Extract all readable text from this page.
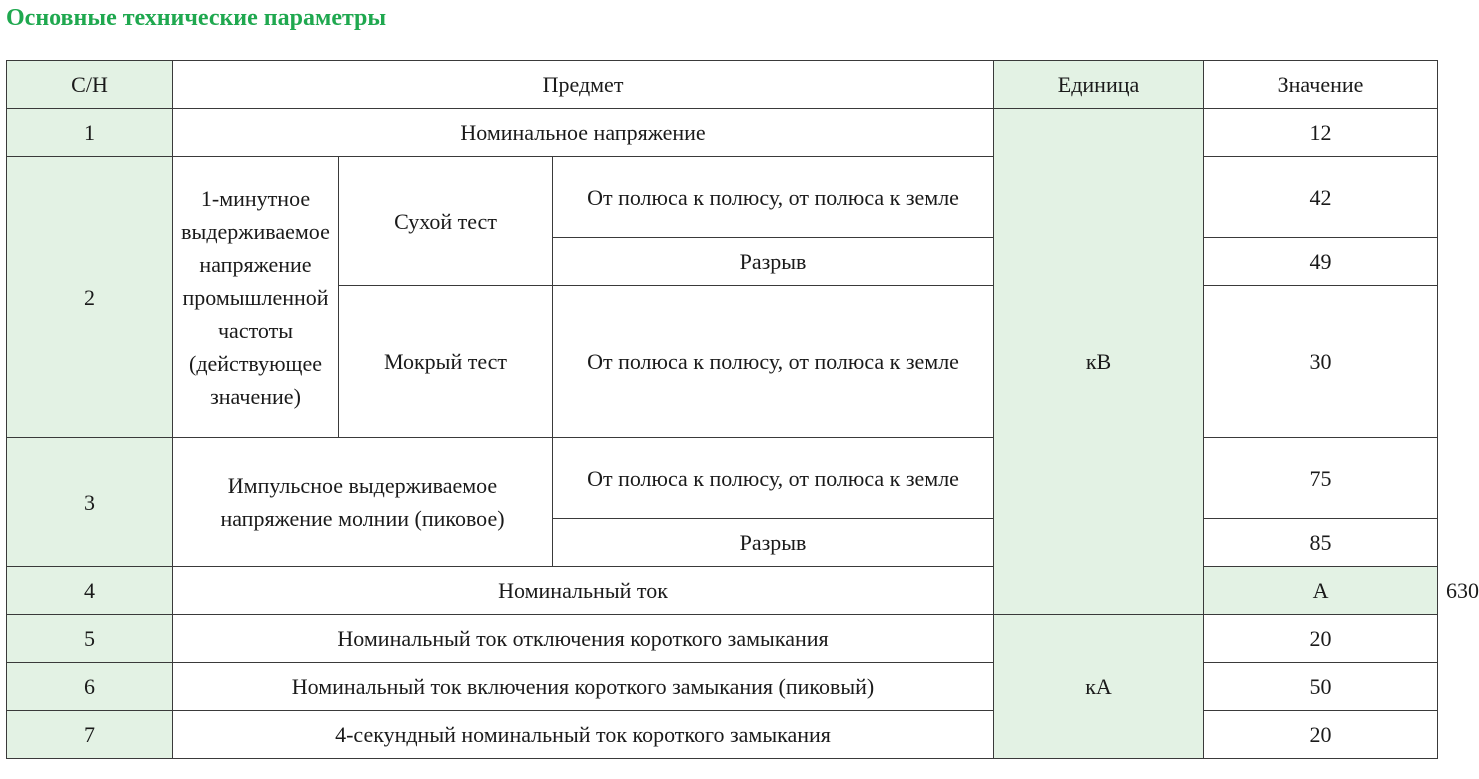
Основные технические параметры
С/Н	Предмет			Единица	Значение	
1	Номинальное напряжение			кВ	12	
2	1-минутное выдерживаемое напряжение промышленной частоты (действующее значение)	Сухой тест	От полюса к полюсу, от полюса к земле		42	
			Разрыв		49	
		Мокрый тест	От полюса к полюсу, от полюса к земле		30	
3	Импульсное выдерживаемое напряжение молнии (пиковое)		От полюса к полюсу, от полюса к земле		75	
			Разрыв		85	
4	Номинальный ток				А	630
5	Номинальный ток отключения короткого замыкания			кА	20	
6	Номинальный ток включения короткого замыкания (пиковый)				50	
7	4-секундный номинальный ток короткого замыкания				20	
